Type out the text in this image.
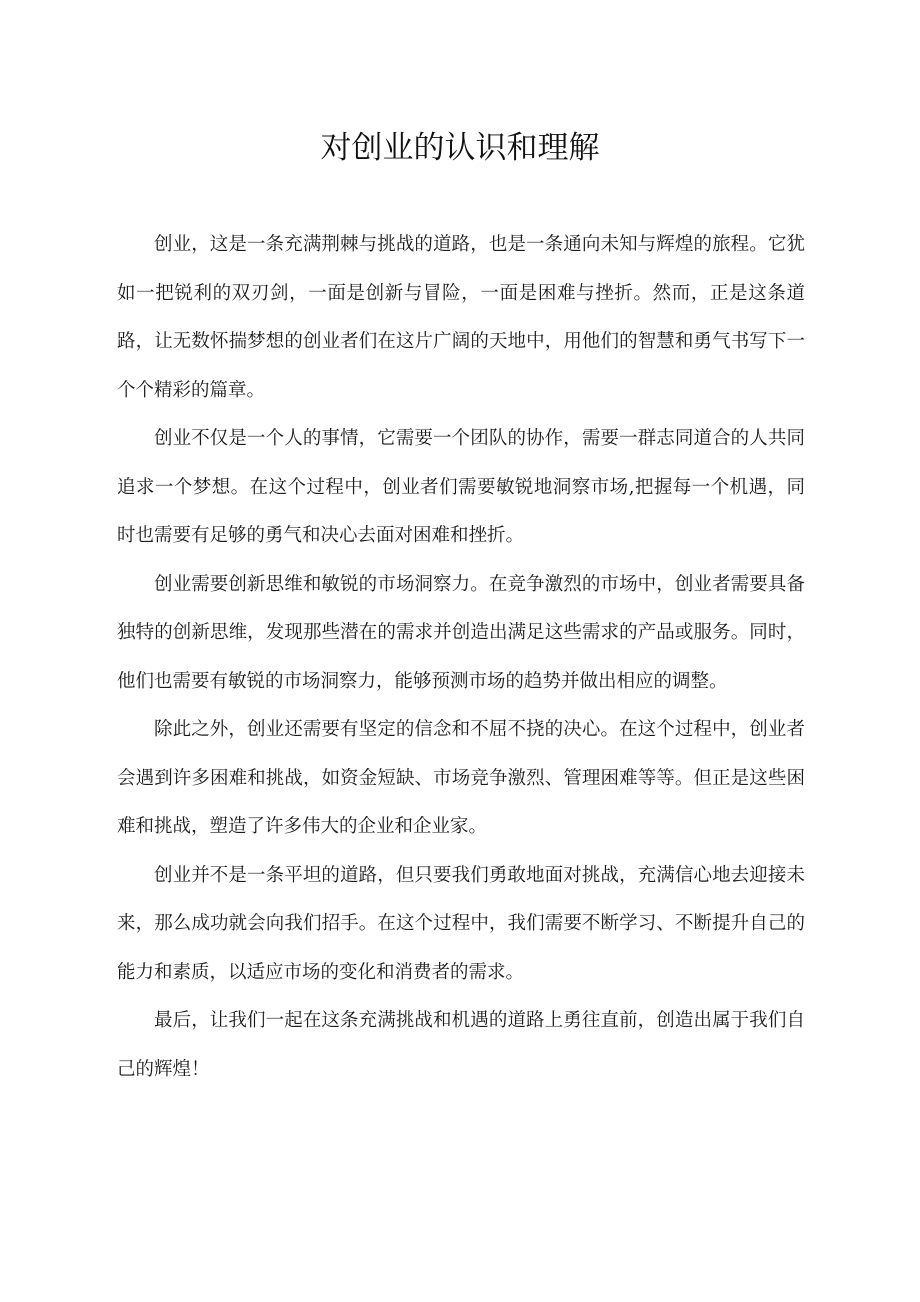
对创业的认识和理解

创业，这是一条充满荆棘与挑战的道路，也是一条通向未知与辉煌的旅程。它犹如一把锐利的双刃剑，一面是创新与冒险，一面是困难与挫折。然而，正是这条道路，让无数怀揣梦想的创业者们在这片广阔的天地中，用他们的智慧和勇气书写下一个个精彩的篇章。

创业不仅是一个人的事情，它需要一个团队的协作，需要一群志同道合的人共同追求一个梦想。在这个过程中，创业者们需要敏锐地洞察市场,把握每一个机遇，同时也需要有足够的勇气和决心去面对困难和挫折。

创业需要创新思维和敏锐的市场洞察力。在竞争激烈的市场中，创业者需要具备独特的创新思维，发现那些潜在的需求并创造出满足这些需求的产品或服务。同时，他们也需要有敏锐的市场洞察力，能够预测市场的趋势并做出相应的调整。

除此之外，创业还需要有坚定的信念和不屈不挠的决心。在这个过程中，创业者会遇到许多困难和挑战，如资金短缺、市场竞争激烈、管理困难等等。但正是这些困难和挑战，塑造了许多伟大的企业和企业家。

创业并不是一条平坦的道路，但只要我们勇敢地面对挑战，充满信心地去迎接未来，那么成功就会向我们招手。在这个过程中，我们需要不断学习、不断提升自己的能力和素质，以适应市场的变化和消费者的需求。

最后，让我们一起在这条充满挑战和机遇的道路上勇往直前，创造出属于我们自己的辉煌！
